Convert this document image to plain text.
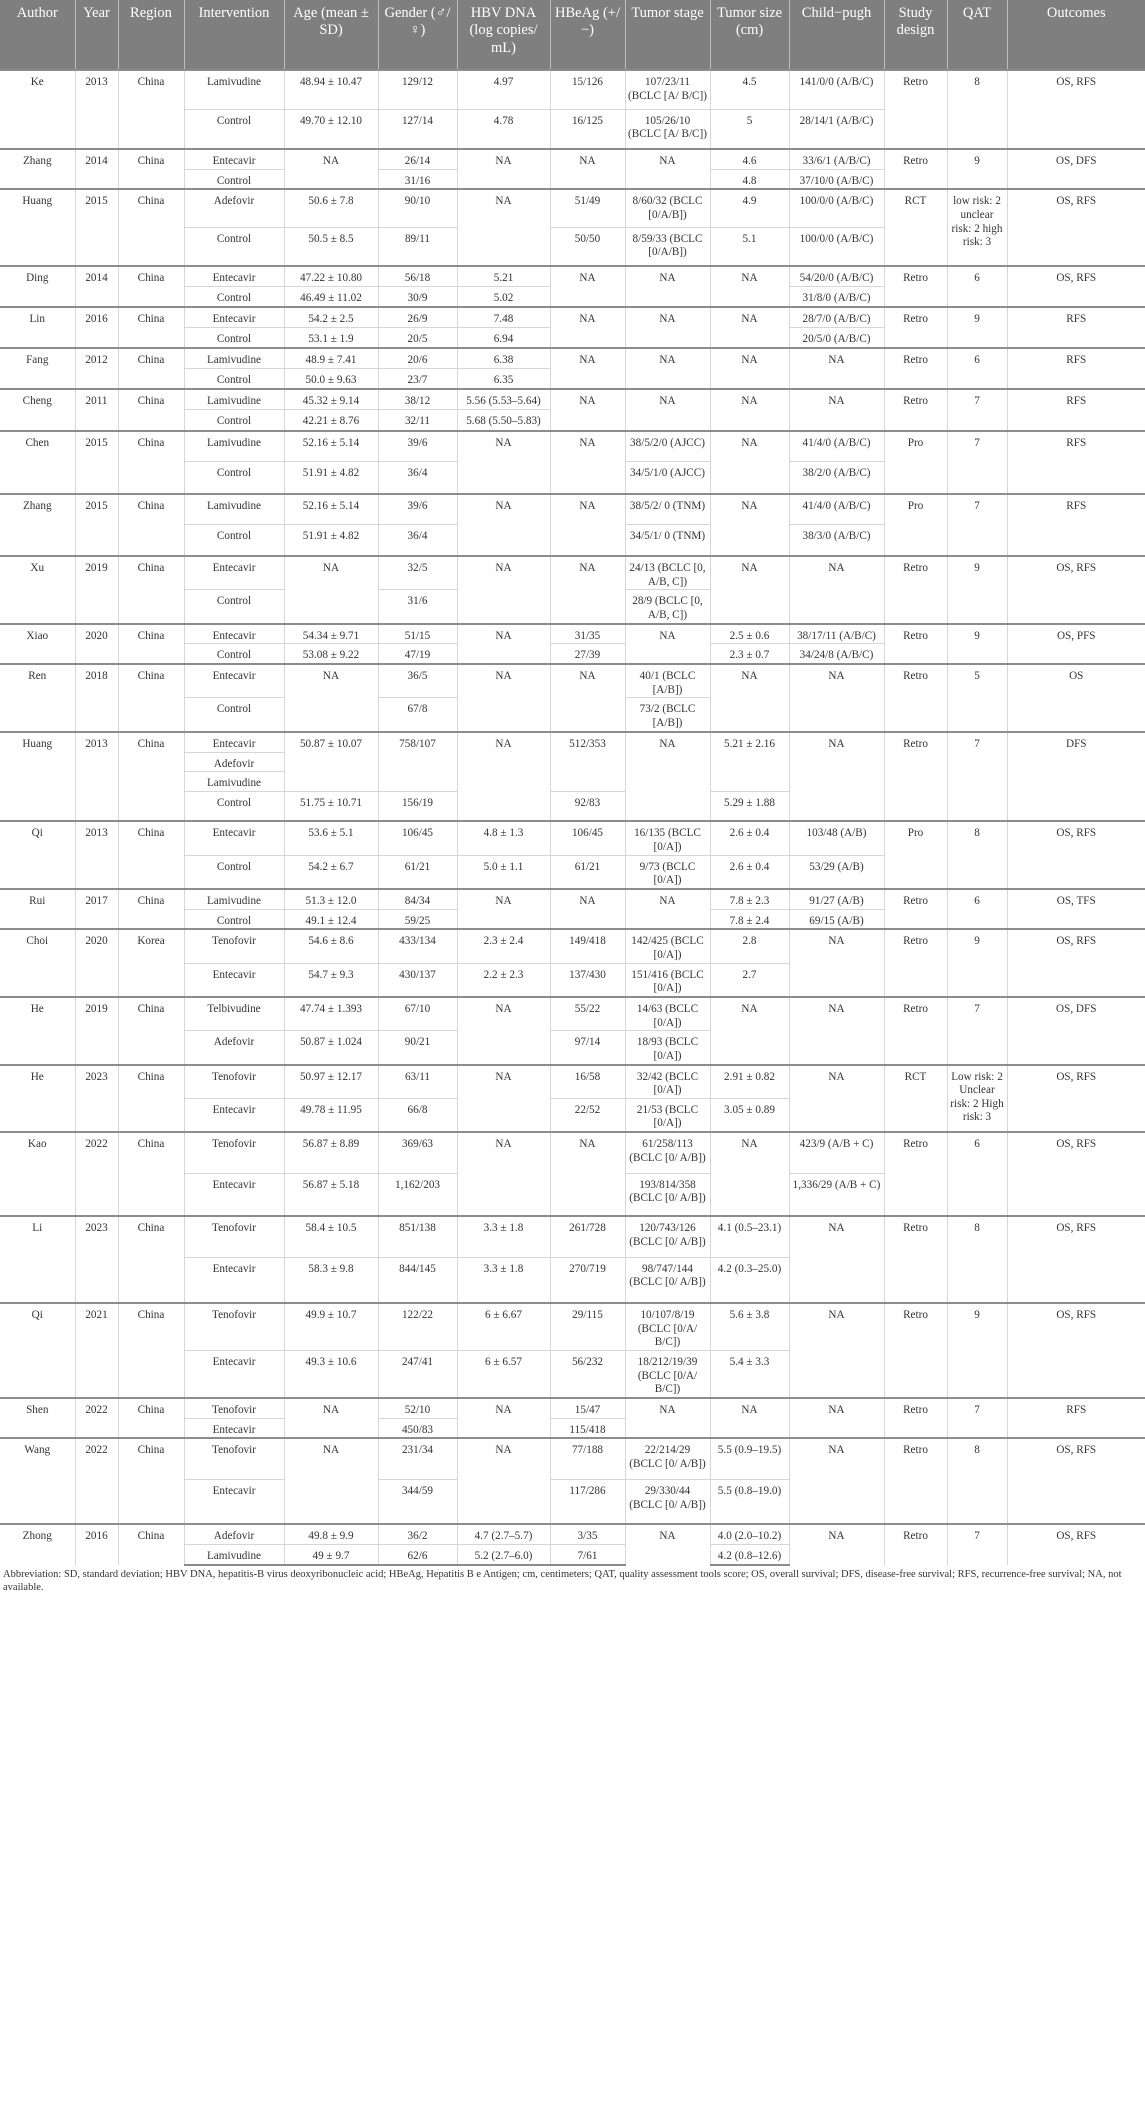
Author	Year	Region	Intervention	Age (mean ± SD)	Gender (♂/♀)	HBV DNA (log copies/ mL)	HBeAg (+/−)	Tumor stage	Tumor size (cm)	Child−pugh	Study design	QAT	Outcomes
Ke	2013	China	Lamivudine	48.94 ± 10.47	129/12	4.97	15/126	107/23/11 (BCLC [A/ B/C])	4.5	141/0/0 (A/B/C)	Retro	8	OS, RFS
			Control	49.70 ± 12.10	127/14	4.78	16/125	105/26/10 (BCLC [A/ B/C])	5	28/14/1 (A/B/C)			
Zhang	2014	China	Entecavir	NA	26/14	NA	NA	NA	4.6	33/6/1 (A/B/C)	Retro	9	OS, DFS
			Control		31/16				4.8	37/10/0 (A/B/C)			
Huang	2015	China	Adefovir	50.6 ± 7.8	90/10	NA	51/49	8/60/32 (BCLC [0/A/B])	4.9	100/0/0 (A/B/C)	RCT	low risk: 2 unclear risk: 2 high risk: 3	OS, RFS
			Control	50.5 ± 8.5	89/11		50/50	8/59/33 (BCLC [0/A/B])	5.1	100/0/0 (A/B/C)			
Ding	2014	China	Entecavir	47.22 ± 10.80	56/18	5.21	NA	NA	NA	54/20/0 (A/B/C)	Retro	6	OS, RFS
			Control	46.49 ± 11.02	30/9	5.02				31/8/0 (A/B/C)			
Lin	2016	China	Entecavir	54.2 ± 2.5	26/9	7.48	NA	NA	NA	28/7/0 (A/B/C)	Retro	9	RFS
			Control	53.1 ± 1.9	20/5	6.94				20/5/0 (A/B/C)			
Fang	2012	China	Lamivudine	48.9 ± 7.41	20/6	6.38	NA	NA	NA	NA	Retro	6	RFS
			Control	50.0 ± 9.63	23/7	6.35							
Cheng	2011	China	Lamivudine	45.32 ± 9.14	38/12	5.56 (5.53–5.64)	NA	NA	NA	NA	Retro	7	RFS
			Control	42.21 ± 8.76	32/11	5.68 (5.50–5.83)							
Chen	2015	China	Lamivudine	52.16 ± 5.14	39/6	NA	NA	38/5/2/0 (AJCC)	NA	41/4/0 (A/B/C)	Pro	7	RFS
			Control	51.91 ± 4.82	36/4			34/5/1/0 (AJCC)		38/2/0 (A/B/C)			
Zhang	2015	China	Lamivudine	52.16 ± 5.14	39/6	NA	NA	38/5/2/ 0 (TNM)	NA	41/4/0 (A/B/C)	Pro	7	RFS
			Control	51.91 ± 4.82	36/4			34/5/1/ 0 (TNM)		38/3/0 (A/B/C)			
Xu	2019	China	Entecavir	NA	32/5	NA	NA	24/13 (BCLC [0, A/B, C])	NA	NA	Retro	9	OS, RFS
			Control		31/6			28/9 (BCLC [0, A/B, C])					
Xiao	2020	China	Entecavir	54.34 ± 9.71	51/15	NA	31/35	NA	2.5 ± 0.6	38/17/11 (A/B/C)	Retro	9	OS, PFS
			Control	53.08 ± 9.22	47/19		27/39		2.3 ± 0.7	34/24/8 (A/B/C)			
Ren	2018	China	Entecavir	NA	36/5	NA	NA	40/1 (BCLC [A/B])	NA	NA	Retro	5	OS
			Control		67/8			73/2 (BCLC [A/B])					
Huang	2013	China	Entecavir	50.87 ± 10.07	758/107	NA	512/353	NA	5.21 ± 2.16	NA	Retro	7	DFS
			Adefovir										
			Lamivudine										
			Control	51.75 ± 10.71	156/19		92/83		5.29 ± 1.88				
Qi	2013	China	Entecavir	53.6 ± 5.1	106/45	4.8 ± 1.3	106/45	16/135 (BCLC [0/A])	2.6 ± 0.4	103/48 (A/B)	Pro	8	OS, RFS
			Control	54.2 ± 6.7	61/21	5.0 ± 1.1	61/21	9/73 (BCLC [0/A])	2.6 ± 0.4	53/29 (A/B)			
Rui	2017	China	Lamivudine	51.3 ± 12.0	84/34	NA	NA	NA	7.8 ± 2.3	91/27 (A/B)	Retro	6	OS, TFS
			Control	49.1 ± 12.4	59/25				7.8 ± 2.4	69/15 (A/B)			
Choi	2020	Korea	Tenofovir	54.6 ± 8.6	433/134	2.3 ± 2.4	149/418	142/425 (BCLC [0/A])	2.8	NA	Retro	9	OS, RFS
			Entecavir	54.7 ± 9.3	430/137	2.2 ± 2.3	137/430	151/416 (BCLC [0/A])	2.7				
He	2019	China	Telbivudine	47.74 ± 1.393	67/10	NA	55/22	14/63 (BCLC [0/A])	NA	NA	Retro	7	OS, DFS
			Adefovir	50.87 ± 1.024	90/21		97/14	18/93 (BCLC [0/A])					
He	2023	China	Tenofovir	50.97 ± 12.17	63/11	NA	16/58	32/42 (BCLC [0/A])	2.91 ± 0.82	NA	RCT	Low risk: 2 Unclear risk: 2 High risk: 3	OS, RFS
			Entecavir	49.78 ± 11.95	66/8		22/52	21/53 (BCLC [0/A])	3.05 ± 0.89				
Kao	2022	China	Tenofovir	56.87 ± 8.89	369/63	NA	NA	61/258/113 (BCLC [0/ A/B])	NA	423/9 (A/B + C)	Retro	6	OS, RFS
			Entecavir	56.87 ± 5.18	1,162/203			193/814/358 (BCLC [0/ A/B])		1,336/29 (A/B + C)			
Li	2023	China	Tenofovir	58.4 ± 10.5	851/138	3.3 ± 1.8	261/728	120/743/126 (BCLC [0/ A/B])	4.1 (0.5–23.1)	NA	Retro	8	OS, RFS
			Entecavir	58.3 ± 9.8	844/145	3.3 ± 1.8	270/719	98/747/144 (BCLC [0/ A/B])	4.2 (0.3–25.0)				
Qi	2021	China	Tenofovir	49.9 ± 10.7	122/22	6 ± 6.67	29/115	10/107/8/19 (BCLC [0/A/ B/C])	5.6 ± 3.8	NA	Retro	9	OS, RFS
			Entecavir	49.3 ± 10.6	247/41	6 ± 6.57	56/232	18/212/19/39 (BCLC [0/A/ B/C])	5.4 ± 3.3				
Shen	2022	China	Tenofovir	NA	52/10	NA	15/47	NA	NA	NA	Retro	7	RFS
			Entecavir		450/83		115/418						
Wang	2022	China	Tenofovir	NA	231/34	NA	77/188	22/214/29 (BCLC [0/ A/B])	5.5 (0.9–19.5)	NA	Retro	8	OS, RFS
			Entecavir		344/59		117/286	29/330/44 (BCLC [0/ A/B])	5.5 (0.8–19.0)				
Zhong	2016	China	Adefovir	49.8 ± 9.9	36/2	4.7 (2.7–5.7)	3/35	NA	4.0 (2.0–10.2)	NA	Retro	7	OS, RFS
			Lamivudine	49 ± 9.7	62/6	5.2 (2.7–6.0)	7/61		4.2 (0.8–12.6)				
Abbreviation: SD, standard deviation; HBV DNA, hepatitis-B virus deoxyribonucleic acid; HBeAg, Hepatitis B e Antigen; cm, centimeters; QAT, quality assessment tools score; OS, overall survival; DFS, disease-free survival; RFS, recurrence-free survival; NA, not available.
